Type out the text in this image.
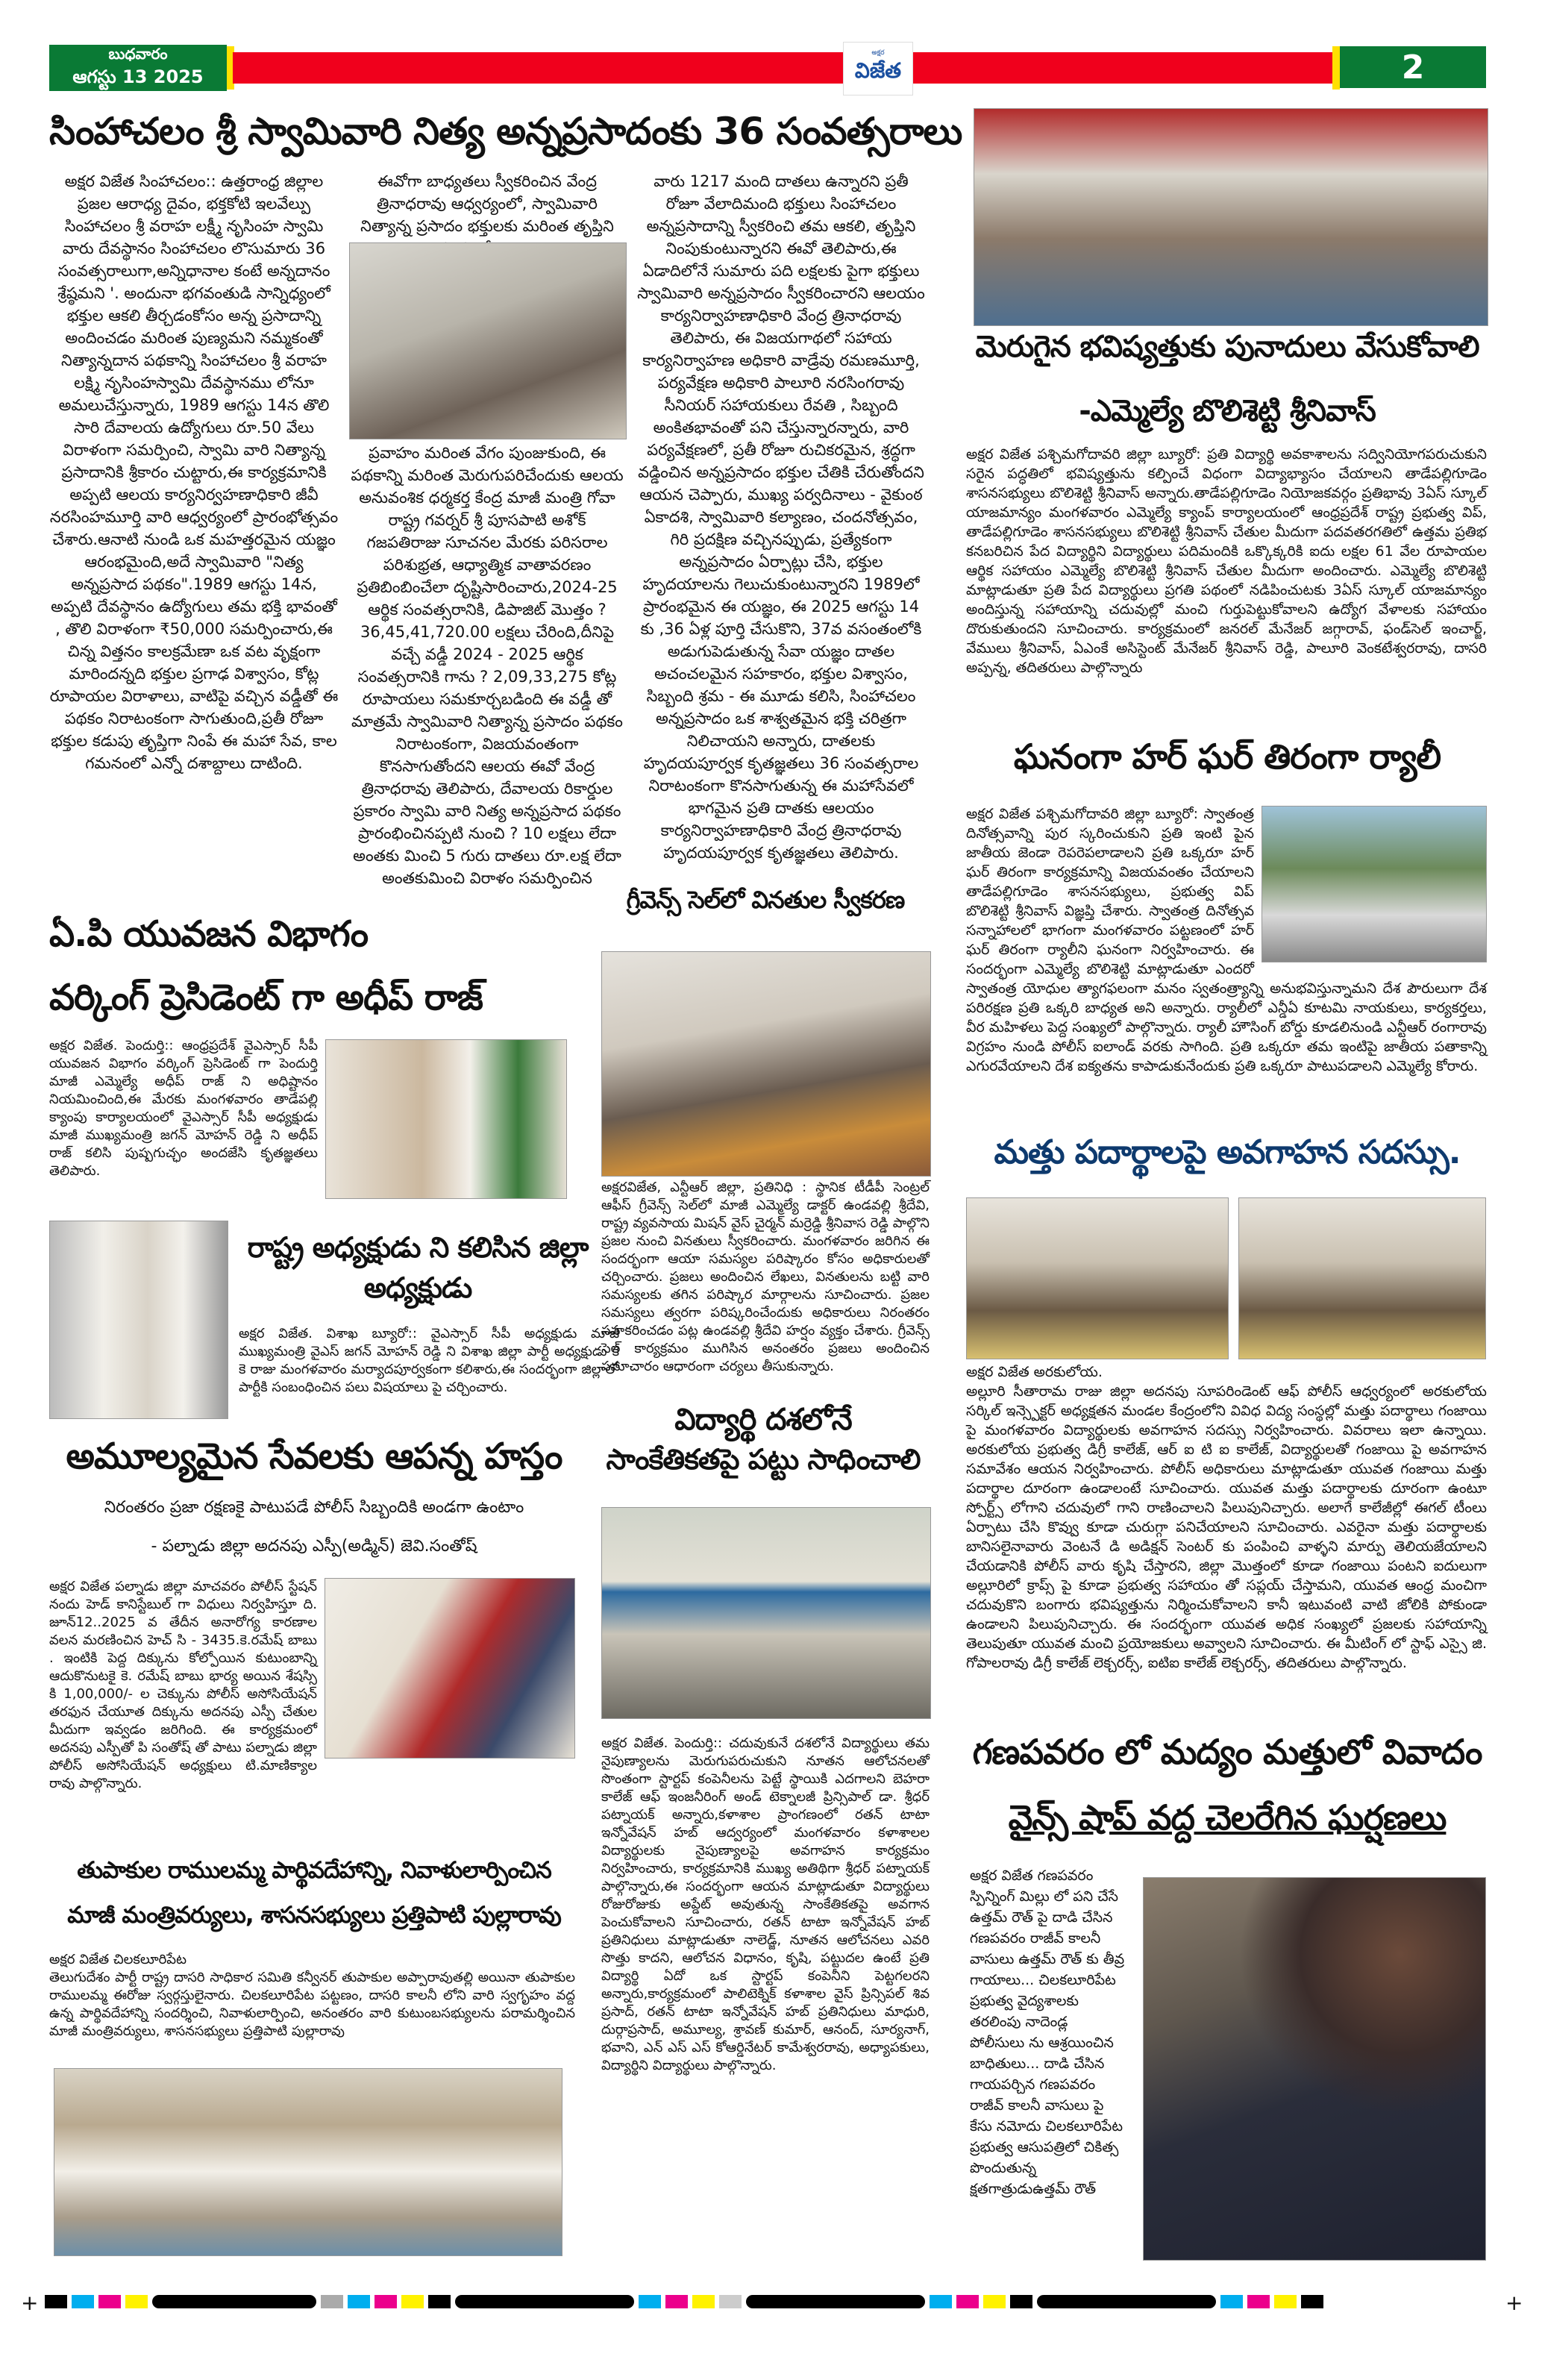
బుధవారం
ఆగస్టు 13 2025
అక్షర
విజేత	2
సింహాచలం శ్రీ స్వామివారి నిత్య అన్నప్రసాదంకు 36 సంవత్సరాలు

అక్షర విజేత సింహాచలం:: ఉత్తరాంధ్ర జిల్లాల ప్రజల ఆరాధ్య దైవం, భక్తకోటి ఇలవేల్పు సింహాచలం శ్రీ వరాహ లక్ష్మీ నృసింహ స్వామి వారు దేవస్థానం సింహాచలం లొసుమారు 36 సంవత్సరాలుగా,అన్నిధానాల కంటే అన్నదానం శ్రేష్ఠమని '. అందునా భగవంతుడి సాన్నిధ్యంలో భక్తుల ఆకలి తీర్చడంకోసం అన్న ప్రసాదాన్ని అందించడం మరింత పుణ్యమని నమ్మకంతో నిత్యాన్నదాన పథకాన్ని సింహాచలం శ్రీ వరాహ లక్ష్మి నృసింహస్వామి దేవస్థానము లోనూ అమలుచేస్తున్నారు, 1989 ఆగస్టు 14న తొలి సారి దేవాలయ ఉద్యోగులు రూ.50 వేలు విరాళంగా సమర్పించి, స్వామి వారి నిత్యాన్న ప్రసాదానికి శ్రీకారం చుట్టారు,ఈ కార్యక్రమానికి అప్పటి ఆలయ కార్యనిర్వహణాధికారి జీవీ నరసింహమూర్తి వారి ఆధ్వర్యంలో ప్రారంభోత్సవం చేశారు.ఆనాటి నుండి ఒక మహత్తరమైన యజ్ఞం ఆరంభమైంది,అదే స్వామివారి "నిత్య అన్నప్రసాద పథకం".1989 ఆగస్టు 14న, అప్పటి దేవస్థానం ఉద్యోగులు తమ భక్తి భావంతో , తొలి విరాళంగా ₹50,000 సమర్పించారు,ఈ చిన్న విత్తనం కాలక్రమేణా ఒక వట వృక్షంగా మారిందన్నది భక్తుల ప్రగాఢ విశ్వాసం, కోట్ల రూపాయల విరాళాలు, వాటిపై వచ్చిన వడ్డీతో ఈ పథకం నిరాటంకంగా సాగుతుంది,ప్రతీ రోజూ భక్తుల కడుపు తృప్తిగా నింపే ఈ మహా సేవ, కాల గమనంలో ఎన్నో దశాబ్దాలు దాటింది.

ఈవోగా బాధ్యతలు స్వీకరించిన వేంద్ర త్రినాధరావు ఆధ్వర్యంలో, స్వామివారి నిత్యాన్న ప్రసాదం భక్తులకు మరింత తృప్తిని

ప్రవాహం మరింత వేగం పుంజుకుంది, ఈ పథకాన్ని మరింత మెరుగుపరిచేందుకు ఆలయ అనువంశిక ధర్మకర్త కేంద్ర మాజీ మంత్రి గోవా రాష్ట్ర గవర్నర్ శ్రీ పూసపాటి అశోక్ గజపతిరాజు సూచనల మేరకు పరిసరాల పరిశుభ్రత, ఆధ్యాత్మిక వాతావరణం ప్రతిబింబించేలా దృష్టిసారించారు,2024-25 ఆర్థిక సంవత్సరానికి, డిపాజిట్ మొత్తం ? 36,45,41,720.00 లక్షలు చేరింది,దీనిపై వచ్చే వడ్డీ 2024 - 2025 ఆర్థిక సంవత్సరానికి గాను ? 2,09,33,275 కోట్ల రూపాయలు సమకూర్చబడింది ఈ వడ్డీ తో మాత్రమే స్వామివారి నిత్యాన్న ప్రసాదం పథకం నిరాటంకంగా, విజయవంతంగా కొనసాగుతోందని ఆలయ ఈవో వేంద్ర త్రినాధరావు తెలిపారు, దేవాలయ రికార్డుల ప్రకారం స్వామి వారి నిత్య అన్నప్రసాద పథకం ప్రారంభించినప్పటి నుంచి ? 10 లక్షలు లేదా అంతకు మించి 5 గురు దాతలు రూ.లక్ష లేదా అంతకుమించి విరాళం సమర్పించిన

వారు 1217 మంది దాతలు ఉన్నారని ప్రతీ రోజూ వేలాదిమంది భక్తులు సింహాచలం అన్నప్రసాదాన్ని స్వీకరించి తమ ఆకలి, తృప్తిని నింపుకుంటున్నారని ఈవో తెలిపారు,ఈ ఏడాదిలోనే సుమారు పది లక్షలకు పైగా భక్తులు స్వామివారి అన్నప్రసాదం స్వీకరించారని ఆలయం కార్యనిర్వాహణాధికారి వేంద్ర త్రినాధరావు తెలిపారు, ఈ విజయగాథలో సహాయ కార్యనిర్వాహణ అధికారి వాడ్రేవు రమణమూర్తి, పర్యవేక్షణ అధికారి పాలూరి నరసింగరావు సీనియర్ సహాయకులు రేవతి , సిబ్బంది అంకితభావంతో పని చేస్తున్నారన్నారు, వారి పర్యవేక్షణలో, ప్రతీ రోజూ రుచికరమైన, శ్రద్ధగా వడ్డించిన అన్నప్రసాదం భక్తుల చేతికి చేరుతోందని ఆయన చెప్పారు, ముఖ్య పర్వదినాలు - వైకుంఠ ఏకాదశి, స్వామివారి కల్యాణం, చందనోత్సవం, గిరి ప్రదక్షిణ వచ్చినప్పుడు, ప్రత్యేకంగా అన్నప్రసాదం ఏర్పాట్లు చేసి, భక్తుల హృదయాలను గెలుచుకుంటున్నారని 1989లో ప్రారంభమైన ఈ యజ్ఞం, ఈ 2025 ఆగస్టు 14 కు ,36 ఏళ్ల పూర్తి చేసుకొని, 37వ వసంతంలోకి అడుగుపెడుతున్న సేవా యజ్ఞం దాతల అచంచలమైన సహకారం, భక్తుల విశ్వాసం, సిబ్బంది శ్రమ - ఈ మూడు కలిసి, సింహాచలం అన్నప్రసాదం ఒక శాశ్వతమైన భక్తి చరిత్రగా నిలిచాయని అన్నారు, దాతలకు హృదయపూర్వక కృతజ్ఞతలు 36 సంవత్సరాల నిరాటంకంగా కొనసాగుతున్న ఈ మహాసేవలో భాగమైన ప్రతి దాతకు ఆలయం కార్యనిర్వాహణాధికారి వేంద్ర త్రినాధరావు హృదయపూర్వక కృతజ్ఞతలు తెలిపారు.

మెరుగైన భవిష్యత్తుకు పునాదులు వేసుకోవాలి
-ఎమ్మెల్యే బొలిశెట్టి శ్రీనివాస్

అక్షర విజేత పశ్చిమగోదావరి జిల్లా బ్యూరో: ప్రతి విద్యార్థి అవకాశాలను సద్వినియోగపరుచుకుని సరైన పద్ధతిలో భవిష్యత్తును కల్పించే విధంగా విద్యాభ్యాసం చేయాలని తాడేపల్లిగూడెం శాసనసభ్యులు బొలిశెట్టి శ్రీనివాస్ అన్నారు.తాడేపల్లిగూడెం నియోజకవర్గం ప్రతిభావు 3ఏస్ స్కూల్‌ యాజమాన్యం మంగళవారం ఎమ్మెల్యే క్యాంప్ కార్యాలయంలో ఆంధ్రప్రదేశ్ రాష్ట్ర ప్రభుత్వ విప్, తాడేపల్లిగూడెం శాసనసభ్యులు బొలిశెట్టి శ్రీనివాస్ చేతుల మీదుగా పదవతరగతిలో ఉత్తమ ప్రతిభ కనబరిచిన పేద విద్యార్థిని విద్యార్థులు పదిమందికి ఒక్కొక్కరికి ఐదు లక్షల 61 వేల రూపాయల ఆర్థిక సహాయం ఎమ్మెల్యే బొలిశెట్టి శ్రీనివాస్ చేతుల మీదుగా అందించారు. ఎమ్మెల్యే బొలిశెట్టి మాట్లాడుతూ ప్రతి పేద విద్యార్థులు ప్రగతి పథంలో నడిపించుటకు 3ఏస్ స్కూల్ యాజమాన్యం అందిస్తున్న సహాయాన్ని చదువుల్లో మంచి గుర్తుపెట్టుకోవాలని ఉద్యోగ వేళాలకు సహాయం దొరుకుతుందని సూచించారు. కార్యక్రమంలో జనరల్ మేనేజర్ జగ్గారావ్, ఫండ్‌సెల్ ఇంచార్జ్, వేములు శ్రీనివాస్, ఏఎంకే అసిస్టెంట్ మేనేజర్ శ్రీనివాస్ రెడ్డి, పాలూరి వెంకటేశ్వరరావు, దాసరి అప్పన్న, తదితరులు పాల్గొన్నారు

ఘనంగా హర్ ఘర్ తిరంగా ర్యాలీ

అక్షర విజేత పశ్చిమగోదావరి జిల్లా బ్యూరో: స్వాతంత్ర దినోత్సవాన్ని పుర స్కరించుకుని ప్రతి ఇంటి పైన జాతీయ జెండా రెపరెపలాడాలని ప్రతి ఒక్కరూ హర్ ఘర్ తిరంగా కార్యక్రమాన్ని విజయవంతం చేయాలని తాడేపల్లిగూడెం శాసనసభ్యులు, ప్రభుత్వ విప్ బొలిశెట్టి శ్రీనివాస్ విజ్ఞప్తి చేశారు. స్వాతంత్ర దినోత్సవ సన్నాహాలలో భాగంగా మంగళవారం పట్టణంలో హర్ ఘర్ తిరంగా ర్యాలీని ఘనంగా నిర్వహించారు. ఈ సందర్భంగా ఎమ్మెల్యే బొలిశెట్టి మాట్లాడుతూ ఎందరో స్వాతంత్ర యోధుల త్యాగఫలంగా మనం స్వతంత్ర్యాన్ని అనుభవిస్తున్నామని దేశ పౌరులుగా దేశ పరిరక్షణ ప్రతి ఒక్కరి బాధ్యత అని అన్నారు. ర్యాలీలో ఎన్డీఏ కూటమి నాయకులు, కార్యకర్తలు, వీర మహిళలు పెద్ద సంఖ్యలో పాల్గొన్నారు. ర్యాలీ హౌసింగ్ బోర్డు కూడలినుండి ఎన్టీఆర్ రంగారావు విగ్రహం నుండి పోలీస్ ఐలాండ్ వరకు సాగింది. ప్రతి ఒక్కరూ తమ ఇంటిపై జాతీయ పతాకాన్ని ఎగురవేయాలని దేశ ఐక్యతను కాపాడుకునేందుకు ప్రతి ఒక్కరూ పాటుపడాలని ఎమ్మెల్యే కోరారు.

మత్తు పదార్థాలపై అవగాహన సదస్సు.

అక్షర విజేత అరకులోయ.

అల్లూరి సీతారామ రాజు జిల్లా అదనపు సూపరిండెంట్ ఆఫ్ పోలీస్ ఆధ్వర్యంలో అరకులోయ సర్కిల్ ఇన్స్పెక్టర్ అధ్యక్షతన మండల కేంద్రంలోని వివిధ విద్య సంస్థల్లో మత్తు పదార్థాలు గంజాయి పై మంగళవారం విద్యార్థులకు అవగాహన సదస్సు నిర్వహించారు. వివరాలు ఇలా ఉన్నాయి. అరకులోయ ప్రభుత్వ డిగ్రీ కాలేజ్, ఆర్ ఐ టి ఐ కాలేజ్, విద్యార్థులతో గంజాయి పై అవగాహన సమావేశం ఆయన నిర్వహించారు. పోలీస్ అధికారులు మాట్లాడుతూ యువత గంజాయి మత్తు పదార్థాల దూరంగా ఉండాలంటే సూచించారు. యువత మత్తు పదార్థాలకు దూరంగా ఉంటూ స్పోర్ట్స్ లోగాని చదువులో గాని రాణించాలని పిలుపునిచ్చారు. అలాగే కాలేజీల్లో ఈగల్ టీంలు ఏర్పాటు చేసి కొవ్వు కూడా చురుగ్గా పనిచేయాలని సూచించారు. ఎవరైనా మత్తు పదార్థాలకు బానిసలైనావారు వెంటనే డి అడిక్షన్ సెంటర్ కు పంపించి వాళ్ళని మార్పు తెలియజేయాలని చేయడానికి పోలీస్ వారు కృషి చేస్తారని, జిల్లా మొత్తంలో కూడా గంజాయి పంటని ఐదులుగా అల్లూరిలో క్రాప్స్ పై కూడా ప్రభుత్వ సహాయం తో సప్లయ్ చేస్తామని, యువత ఆంధ్ర మంచిగా చదువుకొని బంగారు భవిష్యత్తును నిర్మించుకోవాలని కానీ ఇటువంటి వాటి జోలికి పోకుండా ఉండాలని పిలుపునిచ్చారు. ఈ సందర్భంగా యువత అధిక సంఖ్యలో ప్రజలకు సహాయాన్ని తెలుపుతూ యువత మంచి ప్రయోజకులు అవ్వాలని సూచించారు. ఈ మీటింగ్ లో స్టాఫ్ ఎస్సై జి. గోపాలరావు డిగ్రీ కాలేజ్ లెక్చరర్స్, ఐటిఐ కాలేజ్ లెక్చరర్స్, తదితరులు పాల్గొన్నారు.

గణపవరం లో మద్యం మత్తులో వివాదం
వైన్స్ షాప్ వద్ద చెలరేగిన ఘర్షణలు

అక్షర విజేత గణపవరం స్పిన్నింగ్ మిల్లు లో పని చేసే ఉత్తమ్ రౌత్ పై దాడి చేసిన గణపవరం రాజీవ్ కాలనీ వాసులు ఉత్తమ్ రౌత్ కు తీవ్ర గాయాలు... చిలకలూరిపేట ప్రభుత్వ వైద్యశాలకు తరలింపు నాదెండ్ల పోలీసులు ను ఆశ్రయించిన బాధితులు... దాడి చేసిన గాయపర్చిన గణపవరం రాజీవ్ కాలనీ వాసులు పై కేసు నమోదు చిలకలూరిపేట ప్రభుత్వ ఆసుపత్రిలో చికిత్స పొందుతున్న క్షతగాత్రుడుఉత్తమ్ రౌత్

ఏ.పి యువజన విభాగం
వర్కింగ్ ప్రెసిడెంట్ గా అధీప్ రాజ్

అక్షర విజేత. పెందుర్తి:: ఆంధ్రప్రదేశ్ వైఎస్సార్ సీపీ యువజన విభాగం వర్కింగ్ ప్రెసిడెంట్ గా పెందుర్తి మాజీ ఎమ్మెల్యే అధీప్ రాజ్ ని అధిష్టానం నియమించింది,ఈ మేరకు మంగళవారం తాడేపల్లి క్యాంపు కార్యాలయంలో వైఎస్సార్ సీపీ అధ్యక్షుడు మాజీ ముఖ్యమంత్రి జగన్ మోహన్ రెడ్డి ని అధీప్ రాజ్ కలిసి పుష్పగుచ్ఛం అందజేసి కృతజ్ఞతలు తెలిపారు.

గ్రీవెన్స్ సెల్‌లో వినతుల స్వీకరణ

అక్షరవిజేత, ఎన్టీఆర్ జిల్లా, ప్రతినిధి : స్థానిక టీడీపీ సెంట్రల్ ఆఫీస్ గ్రీవెన్స్ సెల్‌లో మాజీ ఎమ్మెల్యే డాక్టర్ ఉండవల్లి శ్రీదేవి, రాష్ట్ర వ్యవసాయ మిషన్ వైస్ చైర్మన్ మర్రెడ్డి శ్రీనివాస రెడ్డి పాల్గొని ప్రజల నుంచి వినతులు స్వీకరించారు. మంగళవారం జరిగిన ఈ సందర్భంగా ఆయా సమస్యల పరిష్కారం కోసం అధికారులతో చర్చించారు. ప్రజలు అందించిన లేఖలు, వినతులను బట్టి వారి సమస్యలకు తగిన పరిష్కార మార్గాలను సూచించారు. ప్రజల సమస్యలు త్వరగా పరిష్కరించేందుకు అధికారులు నిరంతరం సహకరించడం పట్ల ఉండవల్లి శ్రీదేవి హర్షం వ్యక్తం చేశారు. గ్రీవెన్స్ సెల్ కార్యక్రమం ముగిసిన అనంతరం ప్రజలు అందించిన సమాచారం ఆధారంగా చర్యలు తీసుకున్నారు.

రాష్ట్ర అధ్యక్షుడు ని కలిసిన జిల్లా అధ్యక్షుడు

అక్షర విజేత. విశాఖ బ్యూరో:: వైఎస్సార్ సీపీ అధ్యక్షుడు మాజీ ముఖ్యమంత్రి వైఎస్ జగన్ మోహన్ రెడ్డి ని విశాఖ జిల్లా పార్టీ అధ్యక్షుడు కె కె రాజు మంగళవారం మర్యాదపూర్వకంగా కలిశారు,ఈ సందర్భంగా జిల్లాలో పార్టీకి సంబంధించిన పలు విషయాలు పై చర్చించారు.

అమూల్యమైన సేవలకు ఆపన్న హస్తం
నిరంతరం ప్రజా రక్షణకై పాటుపడే పోలీస్ సిబ్బందికి అండగా ఉంటాం
- పల్నాడు జిల్లా అదనపు ఎస్పీ(అడ్మిన్) జెవి.సంతోష్

అక్షర విజేత పల్నాడు జిల్లా మాచవరం పోలీస్ స్టేషన్ నందు హెడ్ కానిస్టేబుల్ గా విధులు నిర్వహిస్తూ ది. జూన్12..2025 వ తేదీన అనారోగ్య కారణాల వలన మరణించిన హెచ్ సి - 3435.కె.రమేష్ బాబు . ఇంటికి పెద్ద దిక్కును కోల్పోయిన కుటుంబాన్ని ఆదుకొనుటకై కె. రమేష్ బాబు భార్య అయిన శేషస్సి కి 1,00,000/- ల చెక్కును పోలీస్ అసోసియేషన్ తరఫున చేయూత దిక్కును అదనపు ఎస్పీ చేతుల మీదుగా ఇవ్వడం జరిగింది. ఈ కార్యక్రమంలో అదనపు ఎస్పీతో పి సంతోష్ తో పాటు పల్నాడు జిల్లా పోలీస్ అసోసియేషన్ అధ్యక్షులు టి.మాణిక్యాల రావు పాల్గొన్నారు.

విద్యార్థి దశలోనే
సాంకేతికతపై పట్టు సాధించాలి

అక్షర విజేత. పెందుర్తి:: చదువుకునే దశలోనే విద్యార్థులు తమ నైపుణ్యాలను మెరుగుపరుచుకుని నూతన ఆలోచనలతో సొంతంగా స్టార్టప్ కంపెనీలను పెట్టే స్థాయికి ఎదగాలని బెహరా కాలేజ్ ఆఫ్ ఇంజనీరింగ్ అండ్ టెక్నాలజీ ప్రిన్సిపాల్ డా. శ్రీధర్ పట్నాయక్ అన్నారు,కళాశాల ప్రాంగణంలో రతన్ టాటా ఇన్నోవేషన్ హబ్ ఆద్వర్యంలో మంగళవారం కళాశాలల విద్యార్థులకు నైపుణ్యాలపై అవగాహన కార్యక్రమం నిర్వహించారు, కార్యక్రమానికి ముఖ్య అతిథిగా శ్రీధర్ పట్నాయక్ పాల్గొన్నారు,ఈ సందర్భంగా ఆయన మాట్లాడుతూ విద్యార్థులు రోజురోజుకు అప్డేట్ అవుతున్న సాంకేతికతపై అవగాన పెంచుకోవాలని సూచించారు, రతన్ టాటా ఇన్నోవేషన్ హబ్ ప్రతినిధులు మాట్లాడుతూ నాలెడ్జ్, నూతన ఆలోచనలు ఎవరి సొత్తు కాదని, ఆలోచన విధానం, కృషి, పట్టుదల ఉంటే ప్రతి విద్యార్థి ఏదో ఒక స్టార్టప్ కంపెనీని పెట్టగలరని అన్నారు,కార్యక్రమంలో పాలిటెక్నిక్ కళాశాల వైస్ ప్రిన్సిపల్ శివ ప్రసాద్, రతన్ టాటా ఇన్నోవేషన్ హబ్ ప్రతినిధులు మాధురి, దుర్గాప్రసాద్, అమూల్య, శ్రావణ్ కుమార్, ఆనంద్, సూర్యనాగ్, భవాని, ఎన్ ఎస్ ఎస్ కోఆర్డినేటర్ కామేశ్వరరావు, అధ్యాపకులు, విద్యార్థిని విద్యార్థులు పాల్గొన్నారు.

తుపాకుల రాములమ్మ పార్థివదేహాన్ని, నివాళులార్పించిన
మాజీ మంత్రివర్యులు, శాసనసభ్యులు ప్రత్తిపాటి పుల్లారావు

అక్షర విజేత చిలకలూరిపేట

తెలుగుదేశం పార్టీ రాష్ట్ర దాసరి సాధికార సమితి కన్వీనర్ తుపాకుల అప్పారావుతల్లి అయినా తుపాకుల రాములమ్మ ఈరోజు స్వర్గస్తులైనారు. చిలకలూరిపేట పట్టణం, దాసరి కాలనీ లోని వారి స్వగృహం వద్ద ఉన్న పార్థివదేహాన్ని సందర్శించి, నివాళులార్పించి, అనంతరం వారి కుటుంబసభ్యులను పరామర్శించిన మాజీ మంత్రివర్యులు, శాసనసభ్యులు ప్రత్తిపాటి పుల్లారావు

+	+
